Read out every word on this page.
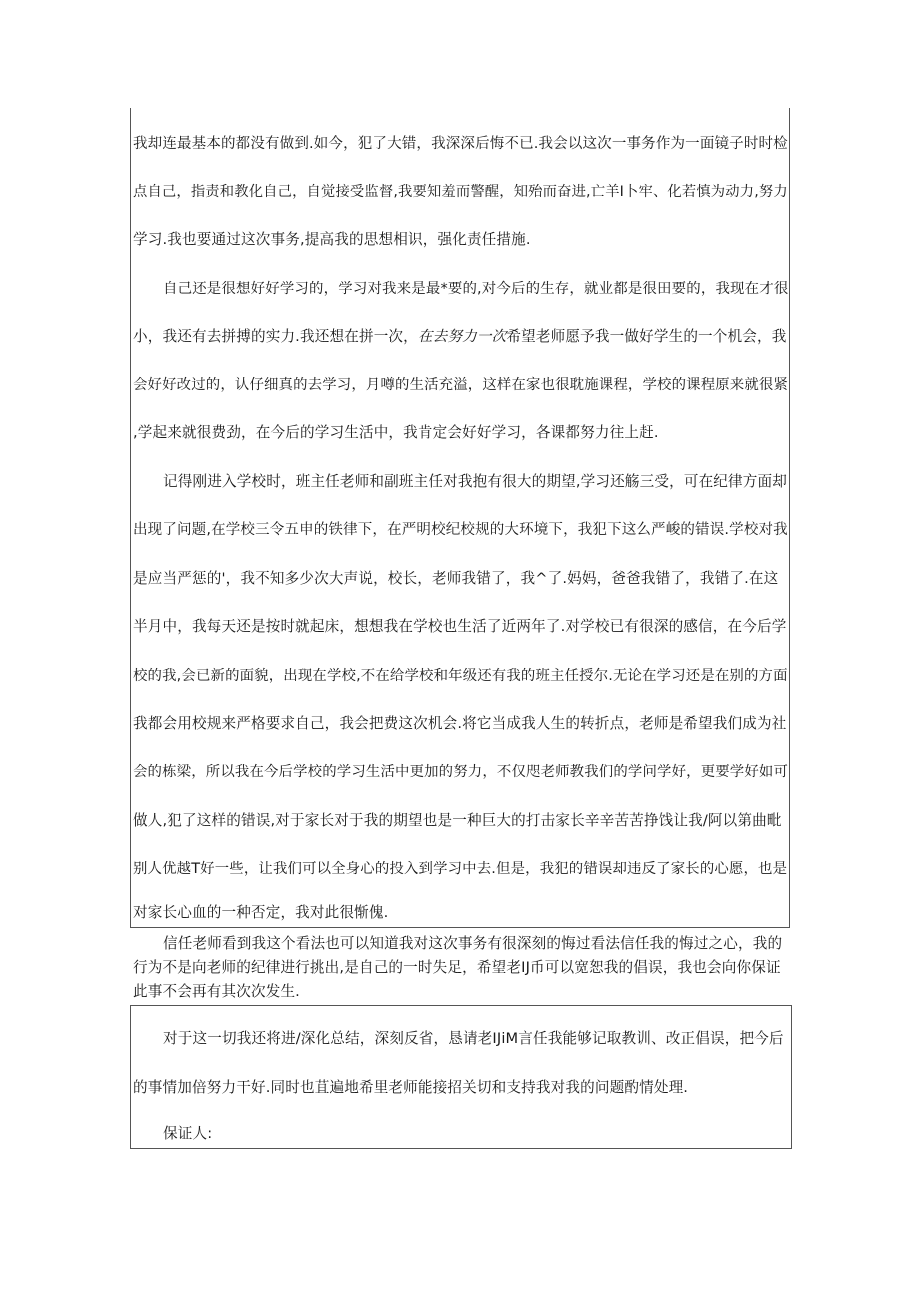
我却连最基本的都没有做到.如今，犯了大错，我深深后悔不已.我会以这次一事务作为一面镜子时时检

点自己，指责和教化自己，自觉接受监督,我要知羞而警醒，知殆而奋进,亡羊Ⅰ卜牢、化若慎为动力,努力

学习.我也要通过这次事务,提高我的思想相识，强化责任措施.

自己还是很想好好学习的，学习对我来是最*要的,对今后的生存，就业都是很田要的，我现在才很

小，我还有去拼搏的实力.我还想在拼一次，在去努力一次希望老师愿予我一做好学生的一个机会，我

会好好改过的，认仔细真的去学习，月噂的生活充溢，这样在家也很耽施课程，学校的课程原来就很紧

,学起来就很费劲，在今后的学习生活中，我肯定会好好学习，各课都努力往上赶.

记得刚进入学校时，班主任老师和副班主任对我抱有很大的期望,学习还觞三受，可在纪律方面却

出现了问题,在学校三令五申的铁律下，在严明校纪校规的大环境下，我犯下这么严峻的错误.学校对我

是应当严惩的'，我不知多少次大声说，校长，老师我错了，我^了.妈妈，爸爸我错了，我错了.在这

半月中，我每天还是按时就起床，想想我在学校也生活了近两年了.对学校已有很深的感信，在今后学

校的我,会已新的面貌，出现在学校,不在给学校和年级还有我的班主任授尔.无论在学习还是在别的方面

我都会用校规来严格要求自己，我会把费这次机会.将它当成我人生的转折点，老师是希望我们成为社

会的栋梁，所以我在今后学校的学习生活中更加的努力，不仅咫老师教我们的学问学好，更要学好如可

做人,犯了这样的错误,对于家长对于我的期望也是一种巨大的打击家长辛辛苦苦挣饯让我/阿以第曲毗

别人优越T好一些，让我们可以全身心的投入到学习中去.但是，我犯的错误却违反了家长的心愿，也是

对家长心血的一种否定，我对此很惭傀.

信任老师看到我这个看法也可以知道我对这次事务有很深刻的悔过看法信任我的悔过之心，我的

行为不是向老师的纪律进行挑出,是自己的一时失足，希望老IJ币可以宽恕我的倡误，我也会向你保证

此事不会再有其次次发生.

对于这一切我还将进/深化总结，深刻反省，恳请老IJiM言任我能够记取教训、改正倡误，把今后

的事情加倍努力干好.同时也苴遍地希里老师能接招关切和支持我对我的问题酌情处理.

保证人:
